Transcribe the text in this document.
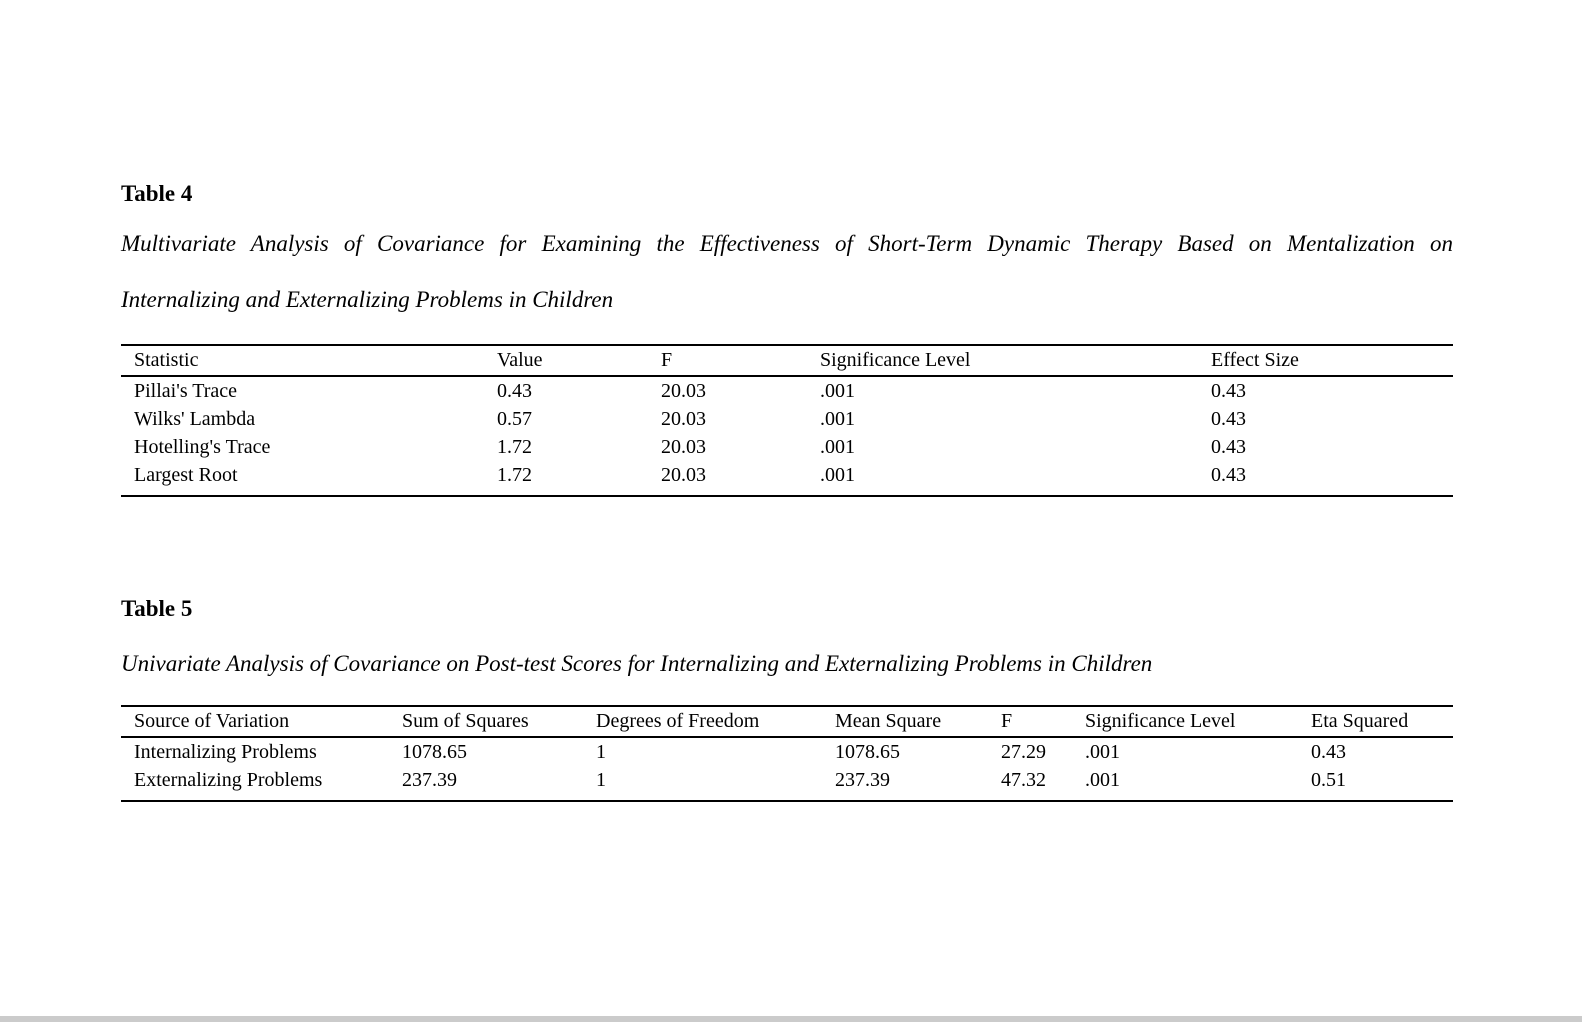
Table 4
Multivariate Analysis of Covariance for Examining the Effectiveness of Short-Term Dynamic Therapy Based on Mentalization on
Internalizing and Externalizing Problems in Children
Statistic	Value	F	Significance Level	Effect Size
Pillai's Trace	0.43	20.03	.001	0.43
Wilks' Lambda	0.57	20.03	.001	0.43
Hotelling's Trace	1.72	20.03	.001	0.43
Largest Root	1.72	20.03	.001	0.43
Table 5
Univariate Analysis of Covariance on Post-test Scores for Internalizing and Externalizing Problems in Children
Source of Variation	Sum of Squares	Degrees of Freedom	Mean Square	F	Significance Level	Eta Squared
Internalizing Problems	1078.65	1	1078.65	27.29	.001	0.43
Externalizing Problems	237.39	1	237.39	47.32	.001	0.51
